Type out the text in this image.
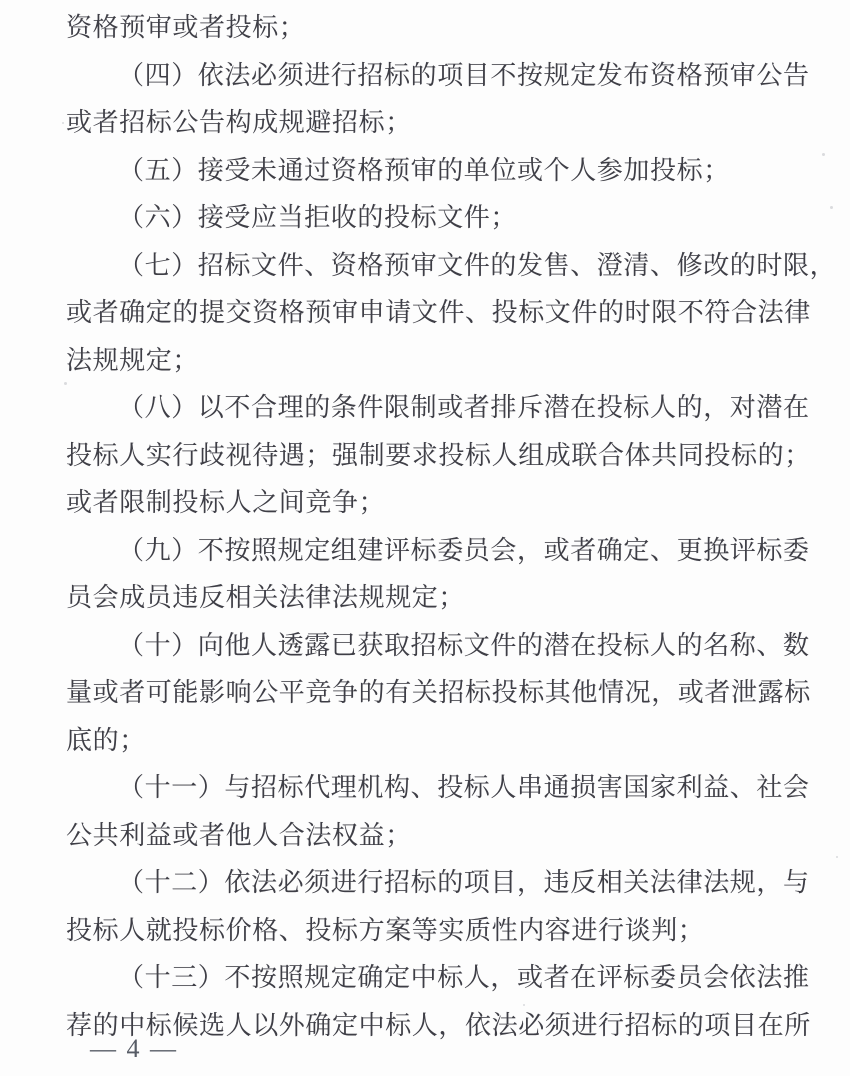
资格预审或者投标；
（四）依法必须进行招标的项目不按规定发布资格预审公告
或者招标公告构成规避招标；
（五）接受未通过资格预审的单位或个人参加投标；
（六）接受应当拒收的投标文件；
（七）招标文件、资格预审文件的发售、澄清、修改的时限，
或者确定的提交资格预审申请文件、投标文件的时限不符合法律
法规规定；
（八）以不合理的条件限制或者排斥潜在投标人的，对潜在
投标人实行歧视待遇；强制要求投标人组成联合体共同投标的；
或者限制投标人之间竞争；
（九）不按照规定组建评标委员会，或者确定、更换评标委
员会成员违反相关法律法规规定；
（十）向他人透露已获取招标文件的潜在投标人的名称、数
量或者可能影响公平竞争的有关招标投标其他情况，或者泄露标
底的；
（十一）与招标代理机构、投标人串通损害国家利益、社会
公共利益或者他人合法权益；
（十二）依法必须进行招标的项目，违反相关法律法规，与
投标人就投标价格、投标方案等实质性内容进行谈判；
（十三）不按照规定确定中标人，或者在评标委员会依法推
荐的中标候选人以外确定中标人，依法必须进行招标的项目在所
— 4 —
